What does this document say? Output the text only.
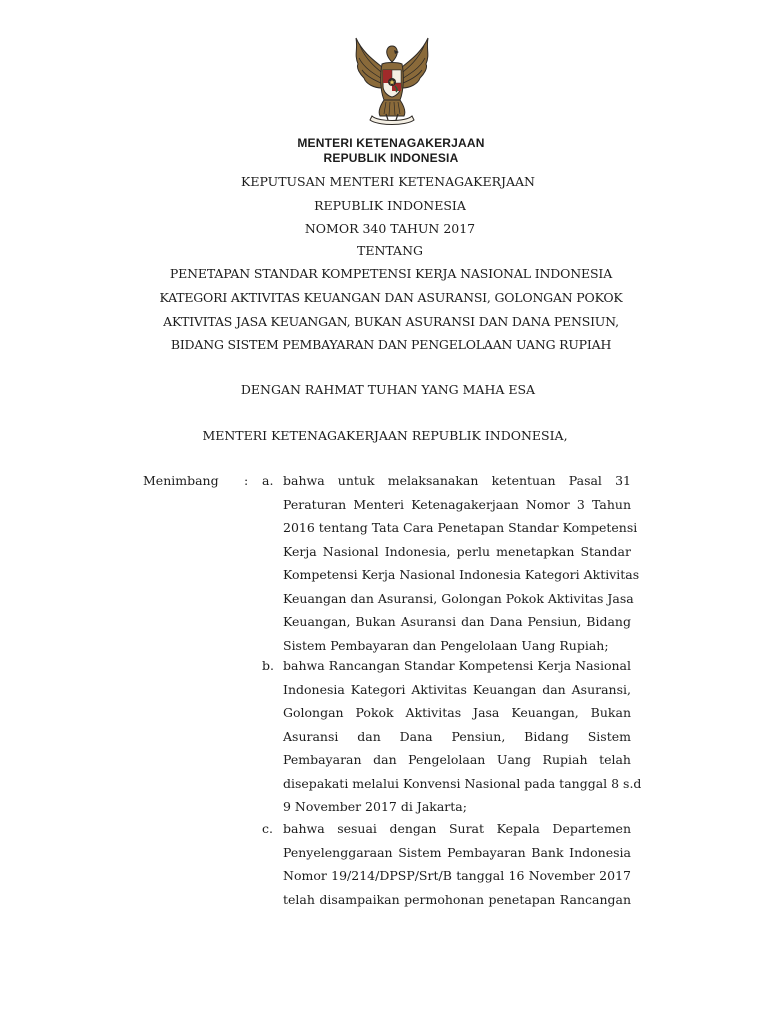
MENTERI KETENAGAKERJAAN
REPUBLIK INDONESIA
KEPUTUSAN MENTERI KETENAGAKERJAAN
REPUBLIK INDONESIA
NOMOR 340 TAHUN 2017
TENTANG
PENETAPAN STANDAR KOMPETENSI KERJA NASIONAL INDONESIA
KATEGORI AKTIVITAS KEUANGAN DAN ASURANSI, GOLONGAN POKOK
AKTIVITAS JASA KEUANGAN, BUKAN ASURANSI DAN DANA PENSIUN,
BIDANG SISTEM PEMBAYARAN DAN PENGELOLAAN UANG RUPIAH
DENGAN RAHMAT TUHAN YANG MAHA ESA
MENTERI KETENAGAKERJAAN REPUBLIK INDONESIA,
Menimbang : a. bahwa untuk melaksanakan ketentuan Pasal 31
Peraturan Menteri Ketenagakerjaan Nomor 3 Tahun
2016 tentang Tata Cara Penetapan Standar Kompetensi
Kerja Nasional Indonesia, perlu menetapkan Standar
Kompetensi Kerja Nasional Indonesia Kategori Aktivitas
Keuangan dan Asuransi, Golongan Pokok Aktivitas Jasa
Keuangan, Bukan Asuransi dan Dana Pensiun, Bidang
Sistem Pembayaran dan Pengelolaan Uang Rupiah;
b. bahwa Rancangan Standar Kompetensi Kerja Nasional
Indonesia Kategori Aktivitas Keuangan dan Asuransi,
Golongan Pokok Aktivitas Jasa Keuangan, Bukan
Asuransi dan Dana Pensiun, Bidang Sistem
Pembayaran dan Pengelolaan Uang Rupiah telah
disepakati melalui Konvensi Nasional pada tanggal 8 s.d
9 November 2017 di Jakarta;
c. bahwa sesuai dengan Surat Kepala Departemen
Penyelenggaraan Sistem Pembayaran Bank Indonesia
Nomor 19/214/DPSP/Srt/B tanggal 16 November 2017
telah disampaikan permohonan penetapan Rancangan
